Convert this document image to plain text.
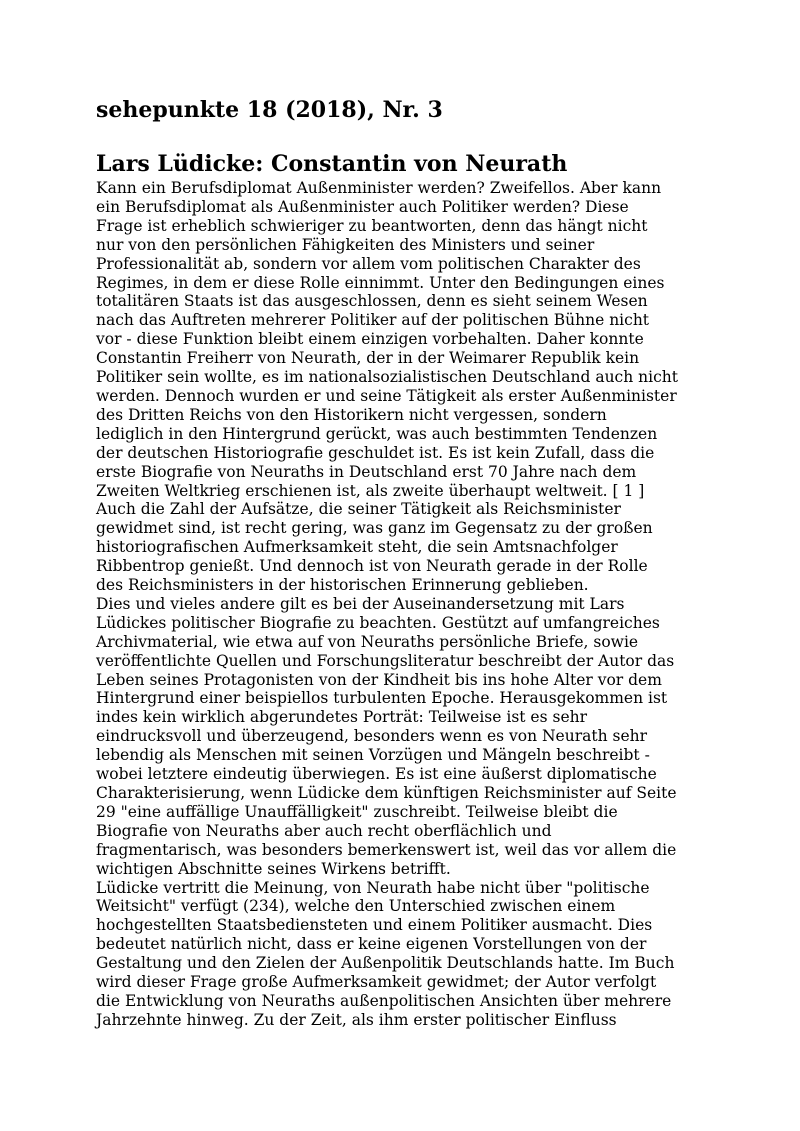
sehepunkte 18 (2018), Nr. 3
Lars Lüdicke: Constantin von Neurath

Kann ein Berufsdiplomat Außenminister werden? Zweifellos. Aber kann
ein Berufsdiplomat als Außenminister auch Politiker werden? Diese
Frage ist erheblich schwieriger zu beantworten, denn das hängt nicht
nur von den persönlichen Fähigkeiten des Ministers und seiner
Professionalität ab, sondern vor allem vom politischen Charakter des
Regimes, in dem er diese Rolle einnimmt. Unter den Bedingungen eines
totalitären Staats ist das ausgeschlossen, denn es sieht seinem Wesen
nach das Auftreten mehrerer Politiker auf der politischen Bühne nicht
vor - diese Funktion bleibt einem einzigen vorbehalten. Daher konnte
Constantin Freiherr von Neurath, der in der Weimarer Republik kein
Politiker sein wollte, es im nationalsozialistischen Deutschland auch nicht
werden. Dennoch wurden er und seine Tätigkeit als erster Außenminister
des Dritten Reichs von den Historikern nicht vergessen, sondern
lediglich in den Hintergrund gerückt, was auch bestimmten Tendenzen
der deutschen Historiografie geschuldet ist. Es ist kein Zufall, dass die
erste Biografie von Neuraths in Deutschland erst 70 Jahre nach dem
Zweiten Weltkrieg erschienen ist, als zweite überhaupt weltweit. [ 1 ]
Auch die Zahl der Aufsätze, die seiner Tätigkeit als Reichsminister
gewidmet sind, ist recht gering, was ganz im Gegensatz zu der großen
historiografischen Aufmerksamkeit steht, die sein Amtsnachfolger
Ribbentrop genießt. Und dennoch ist von Neurath gerade in der Rolle
des Reichsministers in der historischen Erinnerung geblieben.

Dies und vieles andere gilt es bei der Auseinandersetzung mit Lars
Lüdickes politischer Biografie zu beachten. Gestützt auf umfangreiches
Archivmaterial, wie etwa auf von Neuraths persönliche Briefe, sowie
veröffentlichte Quellen und Forschungsliteratur beschreibt der Autor das
Leben seines Protagonisten von der Kindheit bis ins hohe Alter vor dem
Hintergrund einer beispiellos turbulenten Epoche. Herausgekommen ist
indes kein wirklich abgerundetes Porträt: Teilweise ist es sehr
eindrucksvoll und überzeugend, besonders wenn es von Neurath sehr
lebendig als Menschen mit seinen Vorzügen und Mängeln beschreibt -
wobei letztere eindeutig überwiegen. Es ist eine äußerst diplomatische
Charakterisierung, wenn Lüdicke dem künftigen Reichsminister auf Seite
29 "eine auffällige Unauffälligkeit" zuschreibt. Teilweise bleibt die
Biografie von Neuraths aber auch recht oberflächlich und
fragmentarisch, was besonders bemerkenswert ist, weil das vor allem die
wichtigen Abschnitte seines Wirkens betrifft.

Lüdicke vertritt die Meinung, von Neurath habe nicht über "politische
Weitsicht" verfügt (234), welche den Unterschied zwischen einem
hochgestellten Staatsbediensteten und einem Politiker ausmacht. Dies
bedeutet natürlich nicht, dass er keine eigenen Vorstellungen von der
Gestaltung und den Zielen der Außenpolitik Deutschlands hatte. Im Buch
wird dieser Frage große Aufmerksamkeit gewidmet; der Autor verfolgt
die Entwicklung von Neuraths außenpolitischen Ansichten über mehrere
Jahrzehnte hinweg. Zu der Zeit, als ihm erster politischer Einfluss
